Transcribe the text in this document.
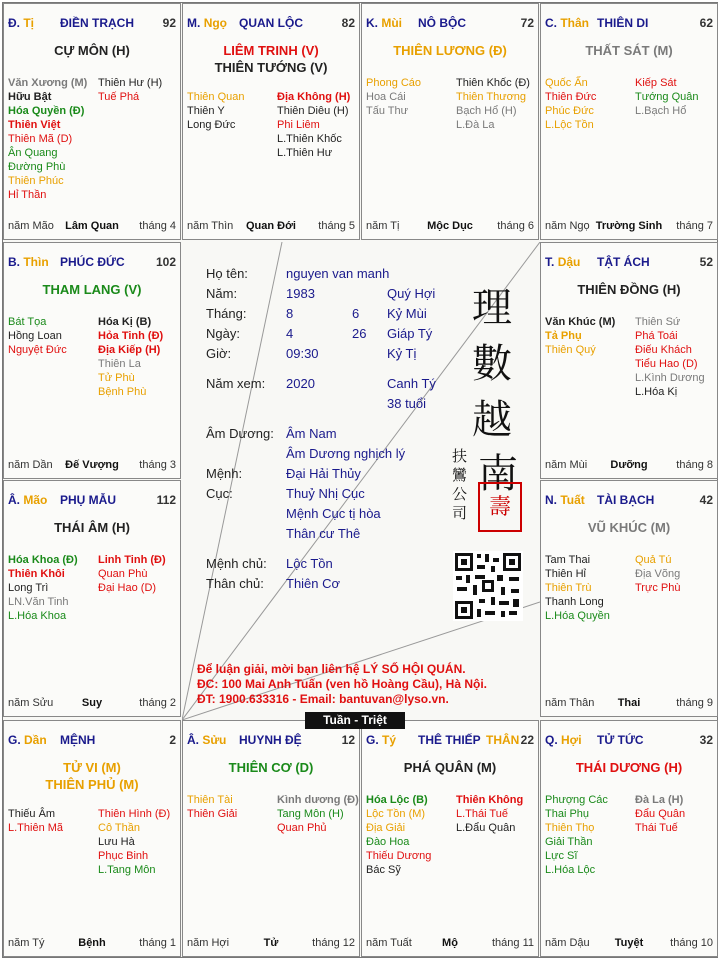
Đ. Tị ĐIỀN TRẠCH 92
CỰ MÔN (H)
Văn Xương (M)
Hữu Bật
Hóa Quyền (Đ)
Thiên Việt
Thiên Mã (D)
Ân Quang
Đường Phù
Thiên Phúc
Hỉ Thần
Thiên Hư (H)
Tuế Phá
năm Mão	Lâm Quan	tháng 4
M. Ngọ QUAN LỘC	82
LIÊM TRINH (V)
THIÊN TƯỚNG (V)
Thiên Quan
Thiên Y
Long Đức
Địa Không (H)
Thiên Diêu (H)
Phi Liêm
L.Thiên Khốc
L.Thiên Hư
năm Thìn	Quan Đới	tháng 5
K. Mùi NÔ BỘC	72
THIÊN LƯƠNG (Đ)
Phong Cáo
Hoa Cái
Tấu Thư
Thiên Khốc (Đ)
Thiên Thương
Bạch Hổ (H)
L.Đà La
năm Tị	Mộc Dục	tháng 6
C. Thân THIÊN DI	62
THẤT SÁT (M)
Quốc Ấn
Thiên Đức
Phúc Đức
L.Lộc Tồn
Kiếp Sát
Tướng Quân
L.Bạch Hổ
năm Ngọ Trường Sinh	tháng 7
B. Thìn PHÚC ĐỨC	102
THAM LANG (V)
Bát Tọa
Hồng Loan
Nguyệt Đức
Hóa Kị (B)
Hỏa Tinh (Đ)
Địa Kiếp (H)
Thiên La
Tử Phù
Bệnh Phù
năm Dần	Đế Vượng	tháng 3
T. Dậu TẬT ÁCH	52
THIÊN ĐỒNG (H)
Văn Khúc (M)
Tả Phụ
Thiên Quý
Thiên Sứ
Phá Toái
Điếu Khách
Tiểu Hao (D)
L.Kình Dương
L.Hóa Kị
năm Mùi	Dưỡng	tháng 8
Â. Mão PHỤ MẪU	112
THÁI ÂM (H)
Hóa Khoa (Đ)
Thiên Khôi
Long Trì
LN.Văn Tinh
L.Hóa Khoa
Linh Tinh (Đ)
Quan Phù
Đại Hao (D)
năm Sửu	Suy	tháng 2
N. Tuất TÀI BẠCH	42
VŨ KHÚC (M)
Tam Thai
Thiên Hỉ
Thiên Trù
Thanh Long
L.Hóa Quyền
Quả Tú
Địa Võng
Trực Phù
năm Thân	Thai	tháng 9
G. Dần MỆNH	2
TỬ VI (M)
THIÊN PHỦ (M)
Thiếu Âm
L.Thiên Mã
Thiên Hình (Đ)
Cô Thần
Lưu Hà
Phục Binh
L.Tang Môn
năm Tý	Bệnh	tháng 1
Â. Sửu HUYNH ĐỆ	12
THIÊN CƠ (D)
Thiên Tài
Thiên Giải
Kình dương (Đ)
Tang Môn (H)
Quan Phủ
năm Hợi	Tử	tháng 12
G. Tý THÊ THIẾP THÂN 22
PHÁ QUÂN (M)
Hóa Lộc (B)
Lộc Tồn (M)
Địa Giải
Đào Hoa
Thiếu Dương
Bác Sỹ
Thiên Không
L.Thái Tuế
L.Đẩu Quân
năm Tuất	Mộ	tháng 11
Q. Hợi TỬ TỨC	32
THÁI DƯƠNG (H)
Phượng Các
Thai Phụ
Thiên Thọ
Giải Thần
Lực Sĩ
L.Hóa Lộc
Đà La (H)
Đẩu Quân
Thái Tuế
năm Dậu	Tuyệt	tháng 10
Họ tên:	nguyen van manh
Năm:	1983	Quý Hợi
Tháng:	8	6 Kỷ Mùi
Ngày:	4	26 Giáp Tý
Giờ:	09:30	Kỷ Tị
Năm xem: 2020	Canh Tý
38 tuổi
Âm Dương: Âm Nam
Âm Dương nghịch lý
Mệnh:	Đại Hải Thủy
Cục:	Thuỷ Nhị Cục
Mệnh Cục tị hòa
Thân cư Thê
Mệnh chủ: Lộc Tồn
Thân chủ: Thiên Cơ
理
數
越
南
扶鸞公司 壽
Để luận giải, mời bạn liên hệ LÝ SỐ HỘI QUÁN.
ĐC: 100 Mai Anh Tuấn (ven hồ Hoàng Cầu), Hà Nội.
ĐT: 1900.633316 - Email: bantuvan@lyso.vn.
Tuần - Triệt
